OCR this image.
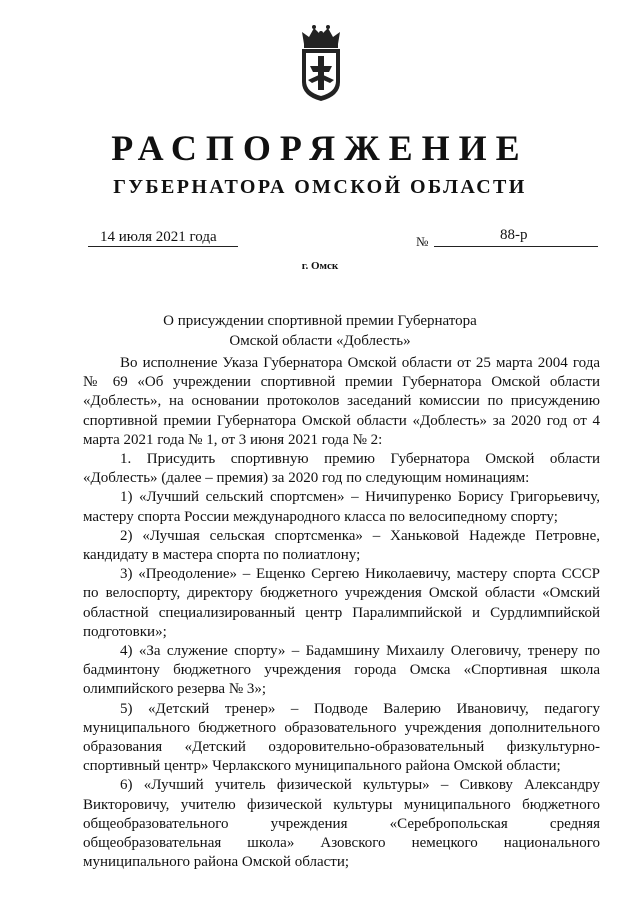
РАСПОРЯЖЕНИЕ
ГУБЕРНАТОРА ОМСКОЙ ОБЛАСТИ
14 июля 2021 года	№	88-р
г. Омск
О присуждении спортивной премии Губернатора
Омской области «Доблесть»

Во исполнение Указа Губернатора Омской области от 25 марта 2004 года № 69 «Об учреждении спортивной премии Губернатора Омской области «Доблесть», на основании протоколов заседаний комиссии по присуждению спортивной премии Губернатора Омской области «Доблесть» за 2020 год от 4 марта 2021 года № 1, от 3 июня 2021 года № 2:

1. Присудить спортивную премию Губернатора Омской области «Доблесть» (далее – премия) за 2020 год по следующим номинациям:

1) «Лучший сельский спортсмен» – Ничипуренко Борису Григорьевичу, мастеру спорта России международного класса по велосипедному спорту;

2) «Лучшая сельская спортсменка» – Ханьковой Надежде Петровне, кандидату в мастера спорта по полиатлону;

3) «Преодоление» – Ещенко Сергею Николаевичу, мастеру спорта СССР по велоспорту, директору бюджетного учреждения Омской области «Омский областной специализированный центр Паралимпийской и Сурдлимпийской подготовки»;

4) «За служение спорту» – Бадамшину Михаилу Олеговичу, тренеру по бадминтону бюджетного учреждения города Омска «Спортивная школа олимпийского резерва № 3»;

5) «Детский тренер» – Подводе Валерию Ивановичу, педагогу муниципального бюджетного образовательного учреждения дополнительного образования «Детский оздоровительно-образовательный физкультурно-спортивный центр» Черлакского муниципального района Омской области;

6) «Лучший учитель физической культуры» – Сивкову Александру Викторовичу, учителю физической культуры муниципального бюджетного общеобразовательного учреждения «Серебропольская средняя общеобразовательная школа» Азовского немецкого национального муниципального района Омской области;
